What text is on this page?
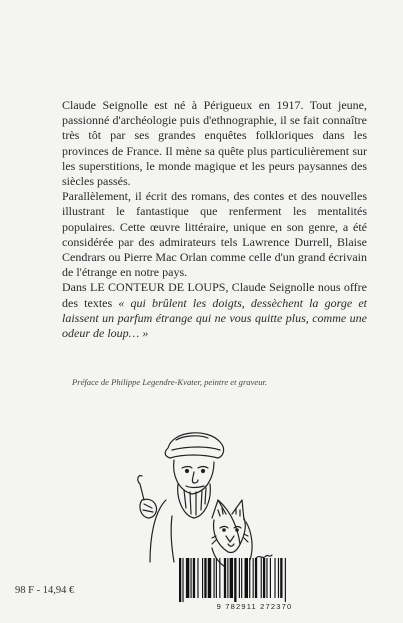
Claude Seignolle est né à Périgueux en 1917. Tout jeune, passionné d'archéologie puis d'ethnographie, il se fait connaître très tôt par ses grandes enquêtes folkloriques dans les provinces de France. Il mène sa quête plus particulièrement sur les superstitions, le monde magique et les peurs paysannes des siècles passés.

Parallèlement, il écrit des romans, des contes et des nouvelles illustrant le fantastique que renferment les mentalités populaires. Cette œuvre littéraire, unique en son genre, a été considérée par des admirateurs tels Lawrence Durrell, Blaise Cendrars ou Pierre Mac Orlan comme celle d'un grand écrivain de l'étrange en notre pays.

Dans LE CONTEUR DE LOUPS, Claude Seignolle nous offre des textes « qui brûlent les doigts, dessèchent la gorge et laissent un parfum étrange qui ne vous quitte plus, comme une odeur de loup… »

Préface de Philippe Legendre-Kvater, peintre et graveur.
98 F - 14,94 €
9 782911 272370
